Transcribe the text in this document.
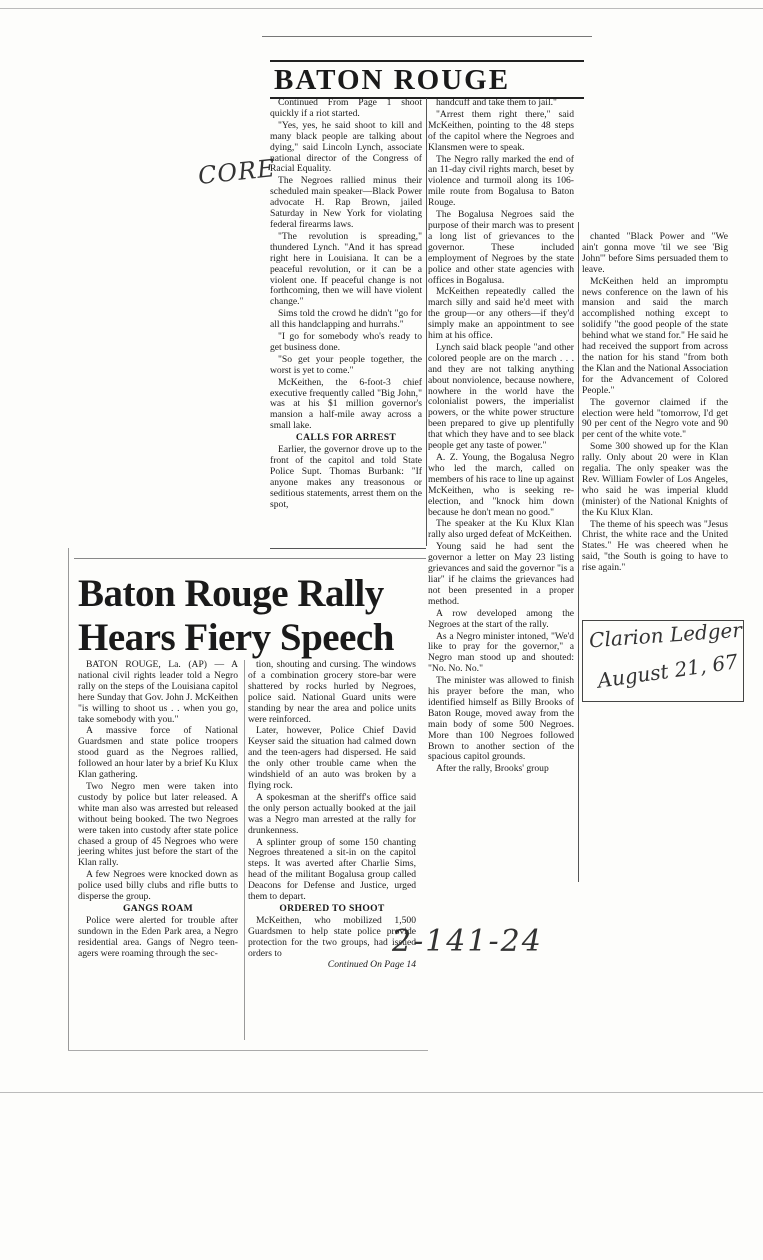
BATON ROUGE

Continued From Page 1 shoot quickly if a riot started.

"Yes, yes, he said shoot to kill and many black people are talking about dying," said Lincoln Lynch, associate national director of the Congress of Racial Equality.

The Negroes rallied minus their scheduled main speaker—Black Power advocate H. Rap Brown, jailed Saturday in New York for violating federal firearms laws.

"The revolution is spreading," thundered Lynch. "And it has spread right here in Louisiana. It can be a peaceful revolution, or it can be a violent one. If peaceful change is not forthcoming, then we will have violent change."

Sims told the crowd he didn't "go for all this handclapping and hurrahs."

"I go for somebody who's ready to get business done.

"So get your people together, the worst is yet to come."

McKeithen, the 6-foot-3 chief executive frequently called "Big John," was at his $1 million governor's mansion a half-mile away across a small lake.

CALLS FOR ARREST

Earlier, the governor drove up to the front of the capitol and told State Police Supt. Thomas Burbank: "If anyone makes any treasonous or seditious statements, arrest them on the spot,

handcuff and take them to jail."

"Arrest them right there," said McKeithen, pointing to the 48 steps of the capitol where the Negroes and Klansmen were to speak.

The Negro rally marked the end of an 11-day civil rights march, beset by violence and turmoil along its 106-mile route from Bogalusa to Baton Rouge.

The Bogalusa Negroes said the purpose of their march was to present a long list of grievances to the governor. These included employment of Negroes by the state police and other state agencies with offices in Bogalusa.

McKeithen repeatedly called the march silly and said he'd meet with the group—or any others—if they'd simply make an appointment to see him at his office.

Lynch said black people "and other colored people are on the march . . . and they are not talking anything about nonviolence, because nowhere, nowhere in the world have the colonialist powers, the imperialist powers, or the white power structure been prepared to give up plentifully that which they have and to see black people get any taste of power."

A. Z. Young, the Bogalusa Negro who led the march, called on members of his race to line up against McKeithen, who is seeking re-election, and "knock him down because he don't mean no good."

The speaker at the Ku Klux Klan rally also urged defeat of McKeithen.

Young said he had sent the governor a letter on May 23 listing grievances and said the governor "is a liar" if he claims the grievances had not been presented in a proper method.

A row developed among the Negroes at the start of the rally.

As a Negro minister intoned, "We'd like to pray for the governor," a Negro man stood up and shouted: "No. No. No."

The minister was allowed to finish his prayer before the man, who identified himself as Billy Brooks of Baton Rouge, moved away from the main body of some 500 Negroes. More than 100 Negroes followed Brown to another section of the spacious capitol grounds.

After the rally, Brooks' group

chanted "Black Power and "We ain't gonna move 'til we see 'Big John'" before Sims persuaded them to leave.

McKeithen held an impromptu news conference on the lawn of his mansion and said the march accomplished nothing except to solidify "the good people of the state behind what we stand for." He said he had received the support from across the nation for his stand "from both the Klan and the National Association for the Advancement of Colored People."

The governor claimed if the election were held "tomorrow, I'd get 90 per cent of the Negro vote and 90 per cent of the white vote."

Some 300 showed up for the Klan rally. Only about 20 were in Klan regalia. The only speaker was the Rev. William Fowler of Los Angeles, who said he was imperial kludd (minister) of the National Knights of the Ku Klux Klan.

The theme of his speech was "Jesus Christ, the white race and the United States." He was cheered when he said, "the South is going to have to rise again."

Baton Rouge Rally Hears Fiery Speech

BATON ROUGE, La. (AP) — A national civil rights leader told a Negro rally on the steps of the Louisiana capitol here Sunday that Gov. John J. McKeithen "is willing to shoot us . . when you go, take somebody with you."

A massive force of National Guardsmen and state police troopers stood guard as the Negroes rallied, followed an hour later by a brief Ku Klux Klan gathering.

Two Negro men were taken into custody by police but later released. A white man also was arrested but released without being booked. The two Negroes were taken into custody after state police chased a group of 45 Negroes who were jeering whites just before the start of the Klan rally.

A few Negroes were knocked down as police used billy clubs and rifle butts to disperse the group.

GANGS ROAM

Police were alerted for trouble after sundown in the Eden Park area, a Negro residential area. Gangs of Negro teen-agers were roaming through the sec-

tion, shouting and cursing. The windows of a combination grocery store-bar were shattered by rocks hurled by Negroes, police said. National Guard units were standing by near the area and police units were reinforced.

Later, however, Police Chief David Keyser said the situation had calmed down and the teen-agers had dispersed. He said the only other trouble came when the windshield of an auto was broken by a flying rock.

A spokesman at the sheriff's office said the only person actually booked at the jail was a Negro man arrested at the rally for drunkenness.

A splinter group of some 150 chanting Negroes threatened a sit-in on the capitol steps. It was averted after Charlie Sims, head of the militant Bogalusa group called Deacons for Defense and Justice, urged them to depart.

ORDERED TO SHOOT

McKeithen, who mobilized 1,500 Guardsmen to help state police provide protection for the two groups, had issued orders to

Continued On Page 14

CORE
Clarion Ledger
August 21, 67
2-141-24
